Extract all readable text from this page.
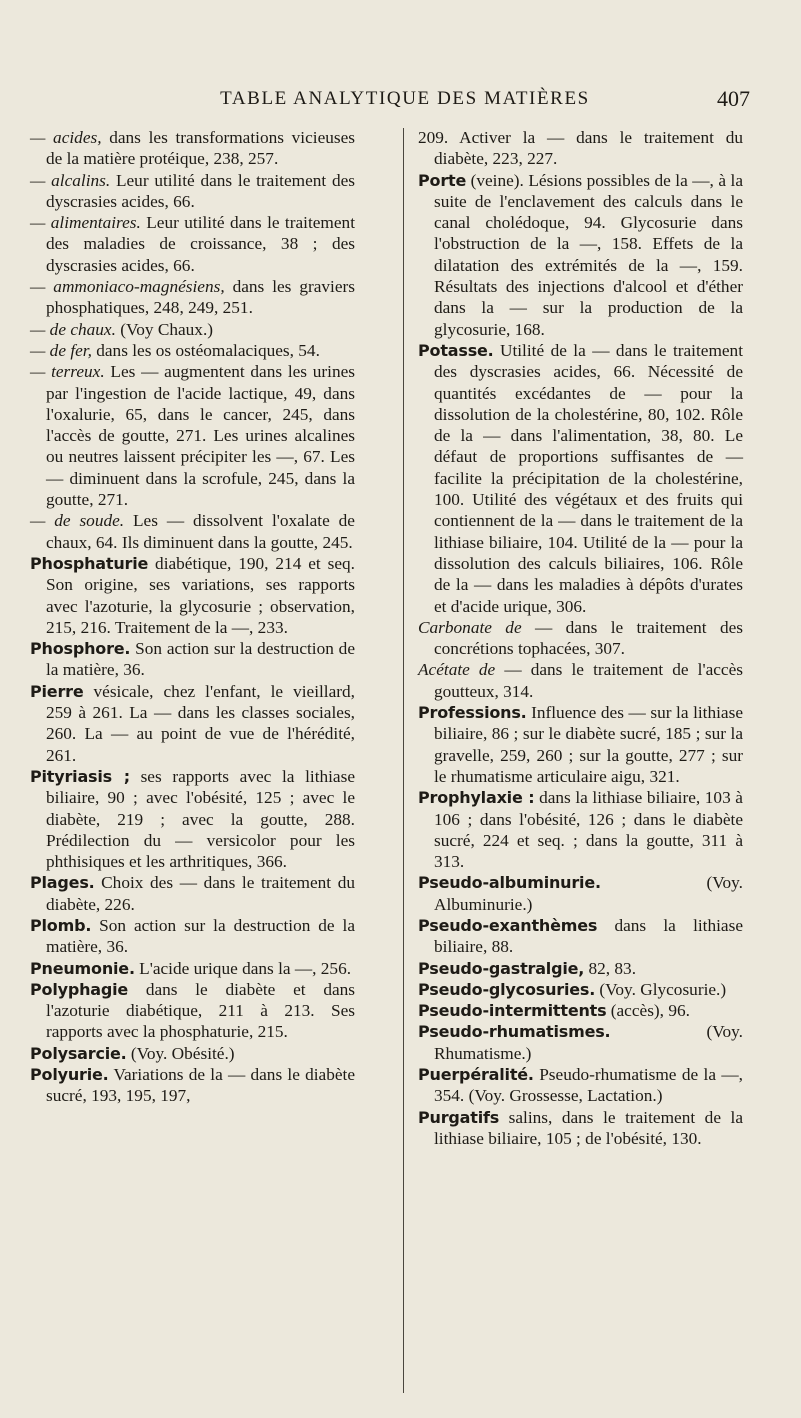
TABLE ANALYTIQUE DES MATIÈRES	407

— acides, dans les transformations vicieuses de la matière protéique, 238, 257.

— alcalins. Leur utilité dans le traitement des dyscrasies acides, 66.

— alimentaires. Leur utilité dans le traitement des maladies de croissance, 38 ; des dyscrasies acides, 66.

— ammoniaco-magnésiens, dans les graviers phosphatiques, 248, 249, 251.

— de chaux. (Voy Chaux.)

— de fer, dans les os ostéomalaciques, 54.

— terreux. Les — augmentent dans les urines par l'ingestion de l'acide lactique, 49, dans l'oxalurie, 65, dans le cancer, 245, dans l'accès de goutte, 271. Les urines alcalines ou neutres laissent précipiter les —, 67. Les — diminuent dans la scrofule, 245, dans la goutte, 271.

— de soude. Les — dissolvent l'oxalate de chaux, 64. Ils diminuent dans la goutte, 245.

Phosphaturie diabétique, 190, 214 et seq. Son origine, ses variations, ses rapports avec l'azoturie, la glycosurie ; observation, 215, 216. Traitement de la —, 233.

Phosphore. Son action sur la destruction de la matière, 36.

Pierre vésicale, chez l'enfant, le vieillard, 259 à 261. La — dans les classes sociales, 260. La — au point de vue de l'hérédité, 261.

Pityriasis ; ses rapports avec la lithiase biliaire, 90 ; avec l'obésité, 125 ; avec le diabète, 219 ; avec la goutte, 288. Prédilection du — versicolor pour les phthisiques et les arthritiques, 366.

Plages. Choix des — dans le traitement du diabète, 226.

Plomb. Son action sur la destruction de la matière, 36.

Pneumonie. L'acide urique dans la —, 256.

Polyphagie dans le diabète et dans l'azoturie diabétique, 211 à 213. Ses rapports avec la phosphaturie, 215.

Polysarcie. (Voy. Obésité.)

Polyurie. Variations de la — dans le diabète sucré, 193, 195, 197,

209. Activer la — dans le traitement du diabète, 223, 227.

Porte (veine). Lésions possibles de la —, à la suite de l'enclavement des calculs dans le canal cholédoque, 94. Glycosurie dans l'obstruction de la —, 158. Effets de la dilatation des extrémités de la —, 159. Résultats des injections d'alcool et d'éther dans la — sur la production de la glycosurie, 168.

Potasse. Utilité de la — dans le traitement des dyscrasies acides, 66. Nécessité de quantités excédantes de — pour la dissolution de la cholestérine, 80, 102. Rôle de la — dans l'alimentation, 38, 80. Le défaut de proportions suffisantes de — facilite la précipitation de la cholestérine, 100. Utilité des végétaux et des fruits qui contiennent de la — dans le traitement de la lithiase biliaire, 104. Utilité de la — pour la dissolution des calculs biliaires, 106. Rôle de la — dans les maladies à dépôts d'urates et d'acide urique, 306.

Carbonate de — dans le traitement des concrétions tophacées, 307.

Acétate de — dans le traitement de l'accès goutteux, 314.

Professions. Influence des — sur la lithiase biliaire, 86 ; sur le diabète sucré, 185 ; sur la gravelle, 259, 260 ; sur la goutte, 277 ; sur le rhumatisme articulaire aigu, 321.

Prophylaxie : dans la lithiase biliaire, 103 à 106 ; dans l'obésité, 126 ; dans le diabète sucré, 224 et seq. ; dans la goutte, 311 à 313.

Pseudo-albuminurie. (Voy. Albuminurie.)

Pseudo-exanthèmes dans la lithiase biliaire, 88.

Pseudo-gastralgie, 82, 83.

Pseudo-glycosuries. (Voy. Glycosurie.)

Pseudo-intermittents (accès), 96.

Pseudo-rhumatismes. (Voy. Rhumatisme.)

Puerpéralité. Pseudo-rhumatisme de la —, 354. (Voy. Grossesse, Lactation.)

Purgatifs salins, dans le traitement de la lithiase biliaire, 105 ; de l'obésité, 130.
